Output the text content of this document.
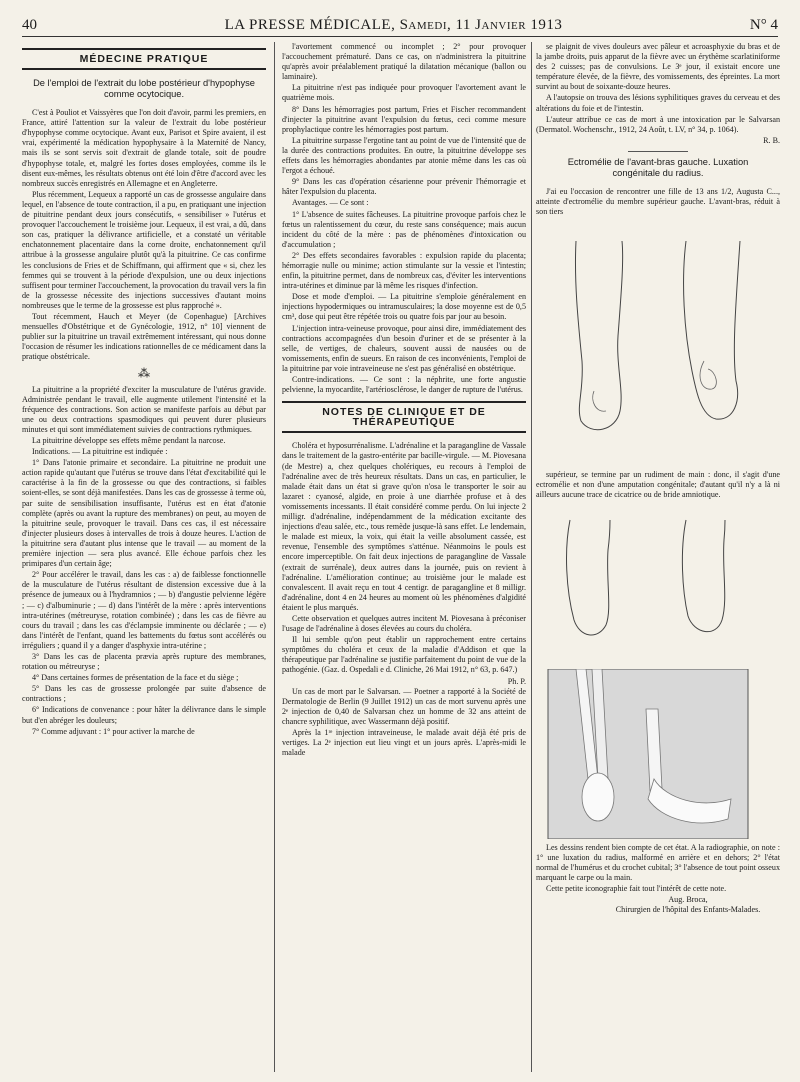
40	LA PRESSE MÉDICALE, Samedi, 11 Janvier 1913	N° 4
MÉDECINE PRATIQUE
De l'emploi de l'extrait du lobe postérieur d'hypophyse comme ocytocique.

C'est à Pouliot et Vaissyères que l'on doit d'avoir, parmi les premiers, en France, attiré l'attention sur la valeur de l'extrait du lobe postérieur d'hypophyse comme ocytocique. Avant eux, Parisot et Spire avaient, il est vrai, expérimenté la médication hypophysaire à la Maternité de Nancy, mais ils se sont servis soit d'extrait de glande totale, soit de poudre d'hypophyse totale, et, malgré les fortes doses employées, comme ils le disent eux-mêmes, les résultats obtenus ont été loin d'être d'accord avec les nombreux succès enregistrés en Allemagne et en Angleterre.

Plus récemment, Lequeux a rapporté un cas de grossesse angulaire dans lequel, en l'absence de toute contraction, il a pu, en pratiquant une injection de pituitrine pendant deux jours consécutifs, « sensibiliser » l'utérus et provoquer l'accouchement le troisième jour. Lequeux, il est vrai, a dû, dans son cas, pratiquer la délivrance artificielle, et a constaté un véritable enchatonnement placentaire dans la corne droite, enchatonnement qu'il attribue à la grossesse angulaire plutôt qu'à la pituitrine. Ce cas confirme les conclusions de Fries et de Schiffmann, qui affirment que « si, chez les femmes qui se trouvent à la période d'expulsion, une ou deux injections suffisent pour terminer l'accouchement, la provocation du travail vers la fin de la grossesse nécessite des injections successives d'autant moins nombreuses que le terme de la grossesse est plus rapproché ».

Tout récemment, Hauch et Meyer (de Copenhague) [Archives mensuelles d'Obstétrique et de Gynécologie, 1912, n° 10] viennent de publier sur la pituitrine un travail extrêmement intéressant, qui nous donne l'occasion de résumer les indications rationnelles de ce médicament dans la pratique obstétricale.

⁂

La pituitrine a la propriété d'exciter la musculature de l'utérus gravide. Administrée pendant le travail, elle augmente utilement l'intensité et la fréquence des contractions. Son action se manifeste parfois au début par une ou deux contractions spasmodiques qui peuvent durer plusieurs minutes et qui sont immédiatement suivies de contractions rythmiques.

La pituitrine développe ses effets même pendant la narcose.

Indications. — La pituitrine est indiquée :

1° Dans l'atonie primaire et secondaire. La pituitrine ne produit une action rapide qu'autant que l'utérus se trouve dans l'état d'excitabilité qui le caractérise à la fin de la grossesse ou que des contractions, si faibles soient-elles, se sont déjà manifestées. Dans les cas de grossesse à terme où, par suite de sensibilisation insuffisante, l'utérus est en état d'atonie complète (après ou avant la rupture des membranes) on peut, au moyen de la pituitrine seule, provoquer le travail. Dans ces cas, il est nécessaire d'injecter plusieurs doses à intervalles de trois à douze heures. L'action de la pituitrine sera d'autant plus intense que le travail — au moment de la première injection — sera plus avancé. Elle échoue parfois chez les primipares d'un certain âge;

2° Pour accélérer le travail, dans les cas : a) de faiblesse fonctionnelle de la musculature de l'utérus résultant de distension excessive due à la présence de jumeaux ou à l'hydramnios ; — b) d'angustie pelvienne légère ; — c) d'albuminurie ; — d) dans l'intérêt de la mère : après interventions intra-utérines (métreuryse, rotation combinée) ; dans les cas de fièvre au cours du travail ; dans les cas d'éclampsie imminente ou déclarée ; — e) dans l'intérêt de l'enfant, quand les battements du fœtus sont accélérés ou irréguliers ; quand il y a danger d'asphyxie intra-utérine ;

3° Dans les cas de placenta prævia après rupture des membranes, rotation ou métreuryse ;

4° Dans certaines formes de présentation de la face et du siège ;

5° Dans les cas de grossesse prolongée par suite d'absence de contractions ;

6° Indications de convenance : pour hâter la délivrance dans le simple but d'en abréger les douleurs;

7° Comme adjuvant : 1° pour activer la marche de

l'avortement commencé ou incomplet ; 2° pour provoquer l'accouchement prématuré. Dans ce cas, on n'administrera la pituitrine qu'après avoir préalablement pratiqué la dilatation mécanique (ballon ou laminaire).

La pituitrine n'est pas indiquée pour provoquer l'avortement avant le quatrième mois.

8° Dans les hémorragies post partum, Fries et Fischer recommandent d'injecter la pituitrine avant l'expulsion du fœtus, ceci comme mesure prophylactique contre les hémorragies post partum.

La pituitrine surpasse l'ergotine tant au point de vue de l'intensité que de la durée des contractions produites. En outre, la pituitrine développe ses effets dans les hémorragies abondantes par atonie même dans les cas où l'ergot a échoué.

9° Dans les cas d'opération césarienne pour prévenir l'hémorragie et hâter l'expulsion du placenta.

Avantages. — Ce sont :

1° L'absence de suites fâcheuses. La pituitrine provoque parfois chez le fœtus un ralentissement du cœur, du reste sans conséquence; mais aucun incident du côté de la mère : pas de phénomènes d'intoxication ou d'accumulation ;

2° Des effets secondaires favorables : expulsion rapide du placenta; hémorragie nulle ou minime; action stimulante sur la vessie et l'intestin; enfin, la pituitrine permet, dans de nombreux cas, d'éviter les interventions intra-utérines et diminue par là même les risques d'infection.

Dose et mode d'emploi. — La pituitrine s'emploie généralement en injections hypodermiques ou intramusculaires; la dose moyenne est de 0,5 cm³, dose qui peut être répétée trois ou quatre fois par jour au besoin.

L'injection intra-veineuse provoque, pour ainsi dire, immédiatement des contractions accompagnées d'un besoin d'uriner et de se présenter à la selle, de vertiges, de chaleurs, souvent aussi de nausées ou de vomissements, enfin de sueurs. En raison de ces inconvénients, l'emploi de la pituitrine par voie intraveineuse ne s'est pas généralisé en obstétrique.

Contre-indications. — Ce sont : la néphrite, une forte angustie pelvienne, la myocardite, l'artériosclérose, le danger de rupture de l'utérus.

NOTES DE CLINIQUE ET DE THÉRAPEUTIQUE

Choléra et hyposurrénalisme. L'adrénaline et la paragangline de Vassale dans le traitement de la gastro-entérite par bacille-virgule. — M. Piovesana (de Mestre) a, chez quelques cholériques, eu recours à l'emploi de l'adrénaline avec de très heureux résultats. Dans un cas, en particulier, le malade était dans un état si grave qu'on n'osa le transporter le soir au lazaret : cyanosé, algide, en proie à une diarrhée profuse et à des vomissements incessants. Il était considéré comme perdu. On lui injecte 2 milligr. d'adrénaline, indépendamment de la médication excitante des injections d'eau salée, etc., tous remède jusque-là sans effet. Le lendemain, le malade est mieux, la voix, qui était la veille absolument cassée, est revenue, l'ensemble des symptômes s'atténue. Néanmoins le pouls est encore imperceptible. On fait deux injections de paragangline de Vassale (extrait de surrénale), deux autres dans la journée, puis on revient à l'adrénaline. L'amélioration continue; au troisième jour le malade est convalescent. Il avait reçu en tout 4 centigr. de paragangline et 8 milligr. d'adrénaline, dont 4 en 24 heures au moment où les phénomènes d'algidité étaient le plus marqués.

Cette observation et quelques autres incitent M. Piovesana à préconiser l'usage de l'adrénaline à doses élevées au cours du choléra.

Il lui semble qu'on peut établir un rapprochement entre certains symptômes du choléra et ceux de la maladie d'Addison et que la thérapeutique par l'adrénaline se justifie parfaitement du point de vue de la pathogénie. (Gaz. d. Ospedali e d. Cliniche, 26 Mai 1912, n° 63, p. 647.)

Ph. P.

Un cas de mort par le Salvarsan. — Poetner a rapporté à la Société de Dermatologie de Berlin (9 Juillet 1912) un cas de mort survenu après une 2ᵉ injection de 0,40 de Salvarsan chez un homme de 32 ans atteint de chancre syphilitique, avec Wassermann déjà positif.

Après la 1ʳᵉ injection intraveineuse, le malade avait déjà été pris de vertiges. La 2ᵉ injection eut lieu vingt et un jours après. L'après-midi le malade

se plaignit de vives douleurs avec pâleur et acroasphyxie du bras et de la jambe droits, puis apparut de la fièvre avec un érythème scarlatiniforme des 2 cuisses; pas de convulsions. Le 3ᵉ jour, il existait encore une température élevée, de la fièvre, des vomissements, des épreintes. La mort survint au bout de soixante-douze heures.

A l'autopsie on trouva des lésions syphilitiques graves du cerveau et des altérations du foie et de l'intestin.

L'auteur attribue ce cas de mort à une intoxication par le Salvarsan (Dermatol. Wochenschr., 1912, 24 Août, t. LV, n° 34, p. 1064).

R. B.
Ectromélie de l'avant-bras gauche. Luxation congénitale du radius.

J'ai eu l'occasion de rencontrer une fille de 13 ans 1/2, Augusta C..., atteinte d'ectromélie du membre supérieur gauche. L'avant-bras, réduit à son tiers

supérieur, se termine par un rudiment de main : donc, il s'agit d'une ectromélie et non d'une amputation congénitale; d'autant qu'il n'y a là ni ailleurs aucune trace de cicatrice ou de bride amniotique.

Les dessins rendent bien compte de cet état. A la radiographie, on note : 1° une luxation du radius, malformé en arrière et en dehors; 2° l'état normal de l'humérus et du crochet cubital; 3° l'absence de tout point osseux marquant le carpe ou la main.

Cette petite iconographie fait tout l'intérêt de cette note.

Aug. Broca,
Chirurgien de l'hôpital des Enfants-Malades.
